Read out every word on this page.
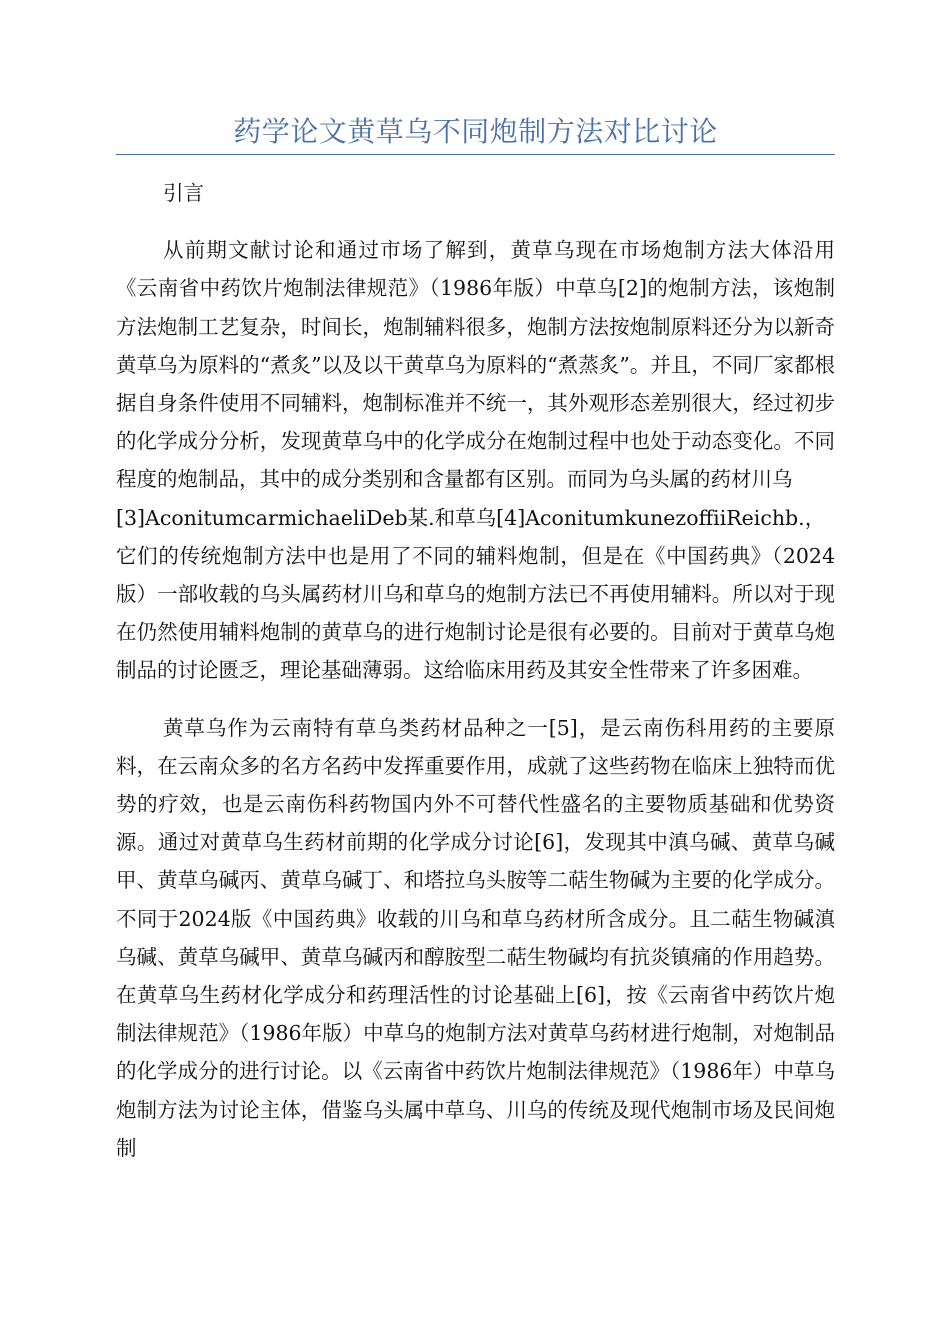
药学论文黄草乌不同炮制方法对比讨论
引言
从前期文献讨论和通过市场了解到，黄草乌现在市场炮制方法大体沿用《云南省中药饮片炮制法律规范》（1986年版）中草乌[2]的炮制方法，该炮制方法炮制工艺复杂，时间长，炮制辅料很多，炮制方法按炮制原料还分为以新奇黄草乌为原料的“煮炙”以及以干黄草乌为原料的“煮蒸炙”。并且，不同厂家都根据自身条件使用不同辅料，炮制标准并不统一，其外观形态差别很大，经过初步的化学成分分析，发现黄草乌中的化学成分在炮制过程中也处于动态变化。不同程度的炮制品，其中的成分类别和含量都有区别。而同为乌头属的药材川乌
[3]AconitumcarmichaeliDeb某.和草乌[4]AconitumkunezoffiiReichb.，
它们的传统炮制方法中也是用了不同的辅料炮制，但是在《中国药典》（2024版）一部收载的乌头属药材川乌和草乌的炮制方法已不再使用辅料。所以对于现在仍然使用辅料炮制的黄草乌的进行炮制讨论是很有必要的。目前对于黄草乌炮制品的讨论匮乏，理论基础薄弱。这给临床用药及其安全性带来了许多困难。
黄草乌作为云南特有草乌类药材品种之一[5]，是云南伤科用药的主要原料，在云南众多的名方名药中发挥重要作用，成就了这些药物在临床上独特而优势的疗效，也是云南伤科药物国内外不可替代性盛名的主要物质基础和优势资源。通过对黄草乌生药材前期的化学成分讨论[6]，发现其中滇乌碱、黄草乌碱甲、黄草乌碱丙、黄草乌碱丁、和塔拉乌头胺等二萜生物碱为主要的化学成分。不同于2024版《中国药典》收载的川乌和草乌药材所含成分。且二萜生物碱滇乌碱、黄草乌碱甲、黄草乌碱丙和醇胺型二萜生物碱均有抗炎镇痛的作用趋势。在黄草乌生药材化学成分和药理活性的讨论基础上[6]，按《云南省中药饮片炮制法律规范》（1986年版）中草乌的炮制方法对黄草乌药材进行炮制，对炮制品的化学成分的进行讨论。以《云南省中药饮片炮制法律规范》（1986年）中草乌炮制方法为讨论主体，借鉴乌头属中草乌、川乌的传统及现代炮制市场及民间炮制
